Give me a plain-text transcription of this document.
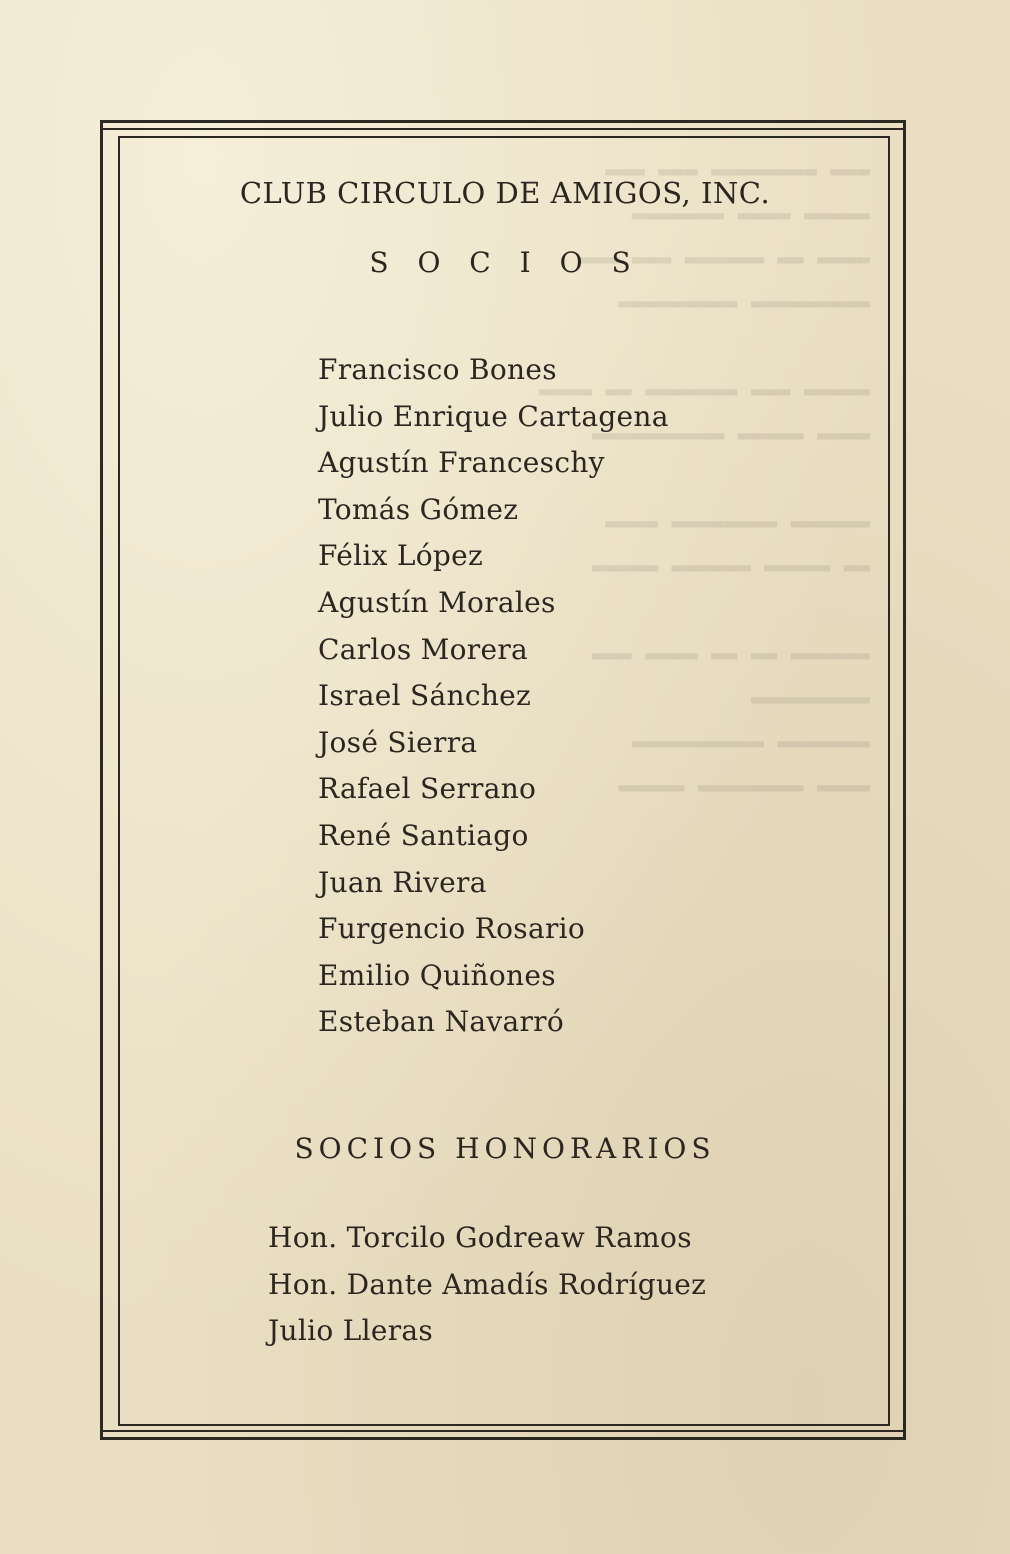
CLUB CIRCULO DE AMIGOS, INC.
S O C I O S
Francisco Bones
Julio Enrique Cartagena
Agustín Franceschy
Tomás Gómez
Félix López
Agustín Morales
Carlos Morera
Israel Sánchez
José Sierra
Rafael Serrano
René Santiago
Juan Rivera
Furgencio Rosario
Emilio Quiñones
Esteban Navarró
SOCIOS HONORARIOS
Hon. Torcilo Godreaw Ramos
Hon. Dante Amadís Rodríguez
Julio Lleras
